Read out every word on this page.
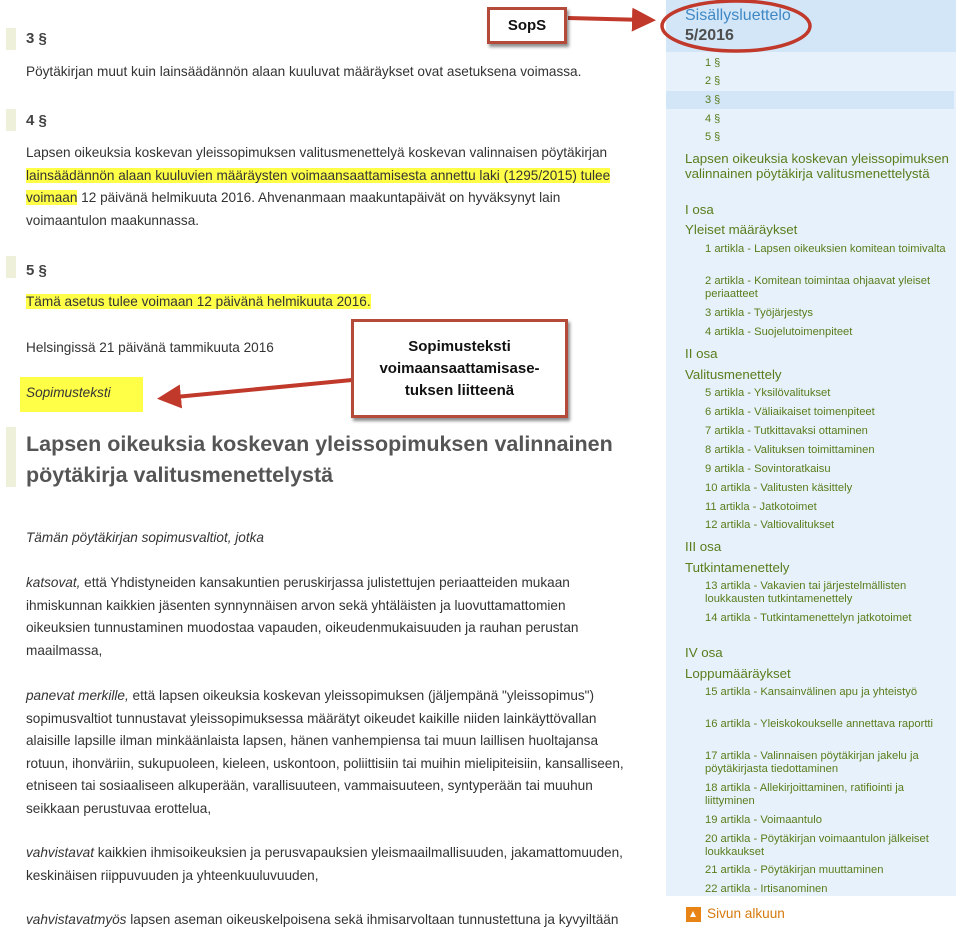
3 §
Pöytäkirjan muut kuin lainsäädännön alaan kuuluvat määräykset ovat asetuksena voimassa.
4 §
Lapsen oikeuksia koskevan yleissopimuksen valitusmenettelyä koskevan valinnaisen pöytäkirjan
lainsäädännön alaan kuuluvien määräysten voimaansaattamisesta annettu laki (1295/2015) tulee
voimaan 12 päivänä helmikuuta 2016. Ahvenanmaan maakuntapäivät on hyväksynyt lain
voimaantulon maakunnassa.
5 §
Tämä asetus tulee voimaan 12 päivänä helmikuuta 2016.
Helsingissä 21 päivänä tammikuuta 2016
Sopimusteksti
Lapsen oikeuksia koskevan yleissopimuksen valinnainen
pöytäkirja valitusmenettelystä
Tämän pöytäkirjan sopimusvaltiot, jotka
katsovat, että Yhdistyneiden kansakuntien peruskirjassa julistettujen periaatteiden mukaan
ihmiskunnan kaikkien jäsenten synnynnäisen arvon sekä yhtäläisten ja luovuttamattomien
oikeuksien tunnustaminen muodostaa vapauden, oikeudenmukaisuuden ja rauhan perustan
maailmassa,
panevat merkille, että lapsen oikeuksia koskevan yleissopimuksen (jäljempänä "yleissopimus")
sopimusvaltiot tunnustavat yleissopimuksessa määrätyt oikeudet kaikille niiden lainkäyttövallan
alaisille lapsille ilman minkäänlaista lapsen, hänen vanhempiensa tai muun laillisen huoltajansa
rotuun, ihonväriin, sukupuoleen, kieleen, uskontoon, poliittisiin tai muihin mielipiteisiin, kansalliseen,
etniseen tai sosiaaliseen alkuperään, varallisuuteen, vammaisuuteen, syntyperään tai muuhun
seikkaan perustuvaa erottelua,
vahvistavat kaikkien ihmisoikeuksien ja perusvapauksien yleismaailmallisuuden, jakamattomuuden,
keskinäisen riippuvuuden ja yhteenkuuluvuuden,
vahvistavatmyös lapsen aseman oikeuskelpoisena sekä ihmisarvoltaan tunnustettuna ja kyvyiltään
Sisällysluettelo
5/2016
1 §
2 §
3 §
4 §
5 §
Lapsen oikeuksia koskevan yleissopimuksen valinnainen pöytäkirja valitusmenettelystä
I osa
Yleiset määräykset
1 artikla - Lapsen oikeuksien komitean toimivalta
2 artikla - Komitean toimintaa ohjaavat yleiset periaatteet
3 artikla - Työjärjestys
4 artikla - Suojelutoimenpiteet
II osa
Valitusmenettely
5 artikla - Yksilövalitukset
6 artikla - Väliaikaiset toimenpiteet
7 artikla - Tutkittavaksi ottaminen
8 artikla - Valituksen toimittaminen
9 artikla - Sovintoratkaisu
10 artikla - Valitusten käsittely
11 artikla - Jatkotoimet
12 artikla - Valtiovalitukset
III osa
Tutkintamenettely
13 artikla - Vakavien tai järjestelmällisten loukkausten tutkintamenettely
14 artikla - Tutkintamenettelyn jatkotoimet
IV osa
Loppumääräykset
15 artikla - Kansainvälinen apu ja yhteistyö
16 artikla - Yleiskokoukselle annettava raportti
17 artikla - Valinnaisen pöytäkirjan jakelu ja pöytäkirjasta tiedottaminen
18 artikla - Allekirjoittaminen, ratifiointi ja liittyminen
19 artikla - Voimaantulo
20 artikla - Pöytäkirjan voimaantulon jälkeiset loukkaukset
21 artikla - Pöytäkirjan muuttaminen
22 artikla - Irtisanominen
Sivun alkuun
SopS
Sopimusteksti
voimaansaattamisase-
tuksen liitteenä
